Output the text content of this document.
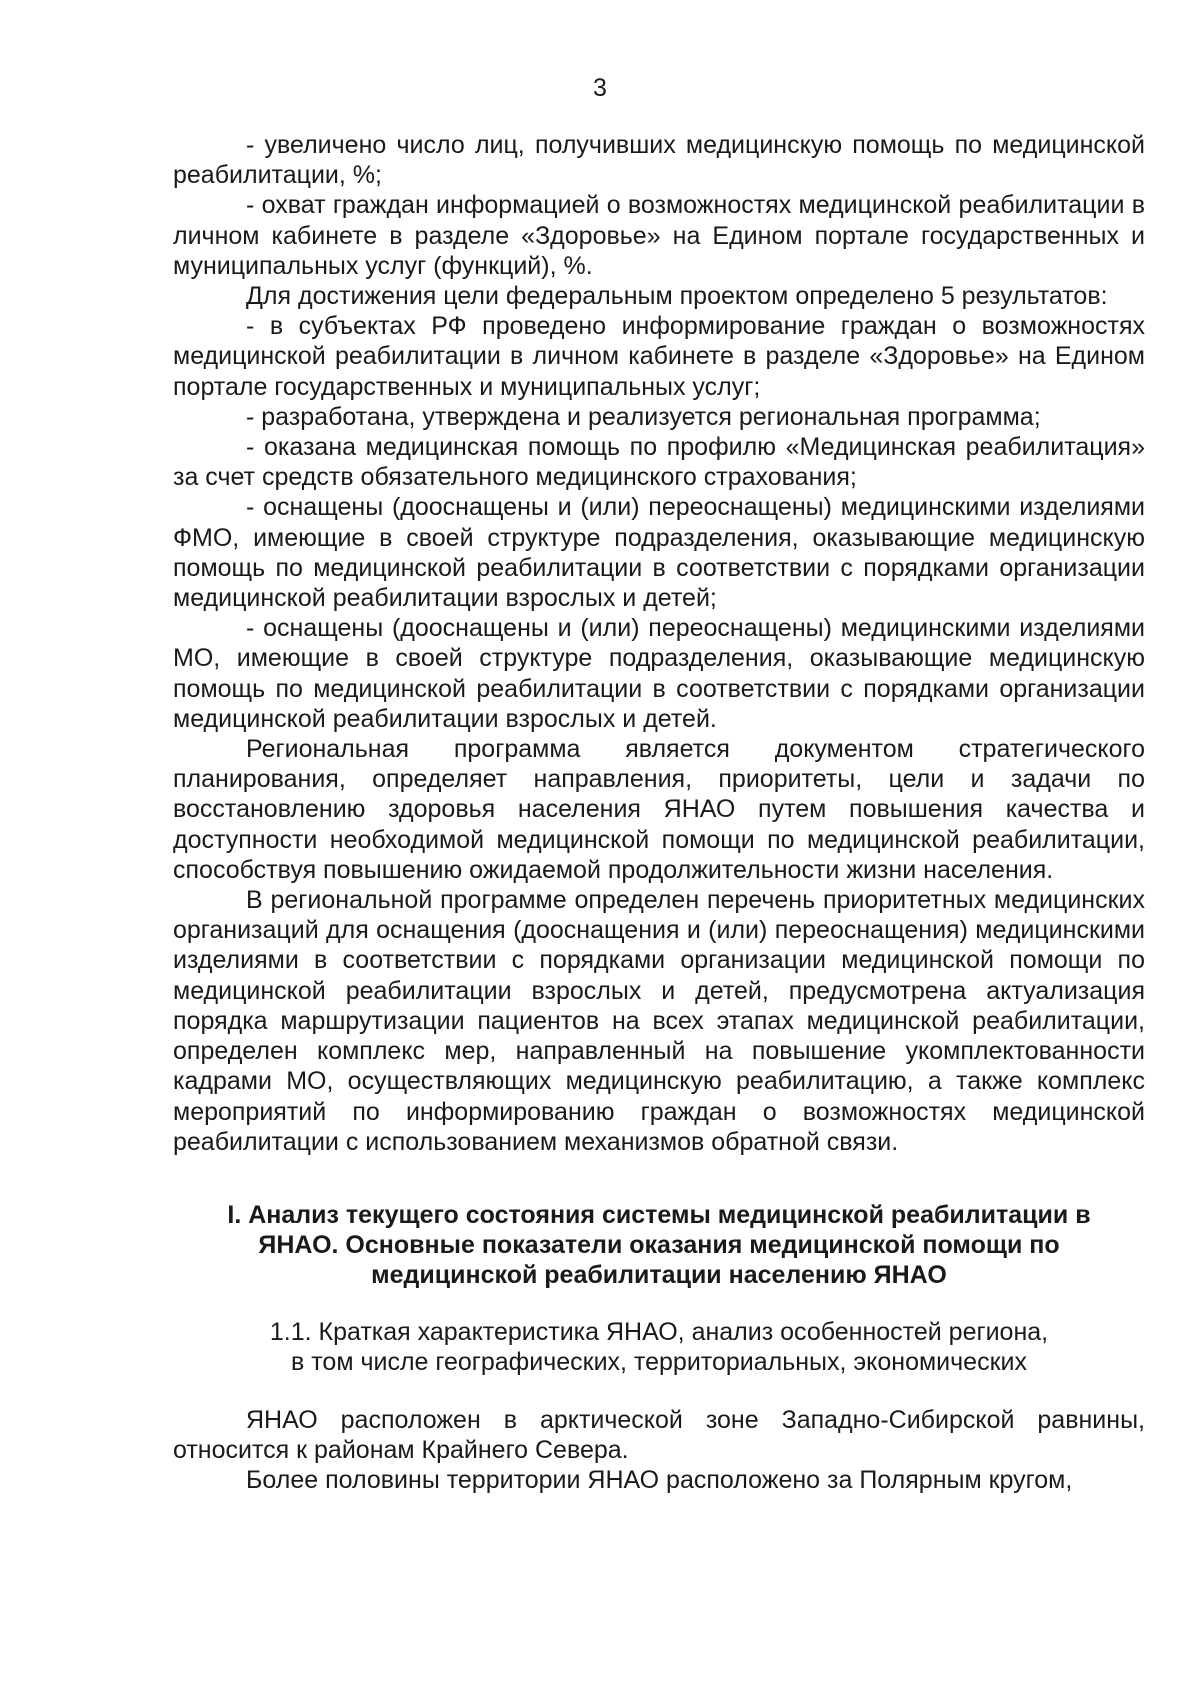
3

- увеличено число лиц, получивших медицинскую помощь по медицинской реабилитации, %;

- охват граждан информацией о возможностях медицинской реабилитации в личном кабинете в разделе «Здоровье» на Едином портале государственных и муниципальных услуг (функций), %.

Для достижения цели федеральным проектом определено 5 результатов:

- в субъектах РФ проведено информирование граждан о возможностях медицинской реабилитации в личном кабинете в разделе «Здоровье» на Едином портале государственных и муниципальных услуг;

- разработана, утверждена и реализуется региональная программа;

- оказана медицинская помощь по профилю «Медицинская реабилитация» за счет средств обязательного медицинского страхования;

- оснащены (дооснащены и (или) переоснащены) медицинскими изделиями ФМО, имеющие в своей структуре подразделения, оказывающие медицинскую помощь по медицинской реабилитации в соответствии с порядками организации медицинской реабилитации взрослых и детей;

- оснащены (дооснащены и (или) переоснащены) медицинскими изделиями МО, имеющие в своей структуре подразделения, оказывающие медицинскую помощь по медицинской реабилитации в соответствии с порядками организации медицинской реабилитации взрослых и детей.

Региональная программа является документом стратегического планирования, определяет направления, приоритеты, цели и задачи по восстановлению здоровья населения ЯНАО путем повышения качества и доступности необходимой медицинской помощи по медицинской реабилитации, способствуя повышению ожидаемой продолжительности жизни населения.

В региональной программе определен перечень приоритетных медицинских организаций для оснащения (дооснащения и (или) переоснащения) медицинскими изделиями в соответствии с порядками организации медицинской помощи по медицинской реабилитации взрослых и детей, предусмотрена актуализация порядка маршрутизации пациентов на всех этапах медицинской реабилитации, определен комплекс мер, направленный на повышение укомплектованности кадрами МО, осуществляющих медицинскую реабилитацию, а также комплекс мероприятий по информированию граждан о возможностях медицинской реабилитации с использованием механизмов обратной связи.

I. Анализ текущего состояния системы медицинской реабилитации в ЯНАО. Основные показатели оказания медицинской помощи по медицинской реабилитации населению ЯНАО
1.1. Краткая характеристика ЯНАО, анализ особенностей региона,
в том числе географических, территориальных, экономических

ЯНАО расположен в арктической зоне Западно-Сибирской равнины, относится к районам Крайнего Севера.

Более половины территории ЯНАО расположено за Полярным кругом,
